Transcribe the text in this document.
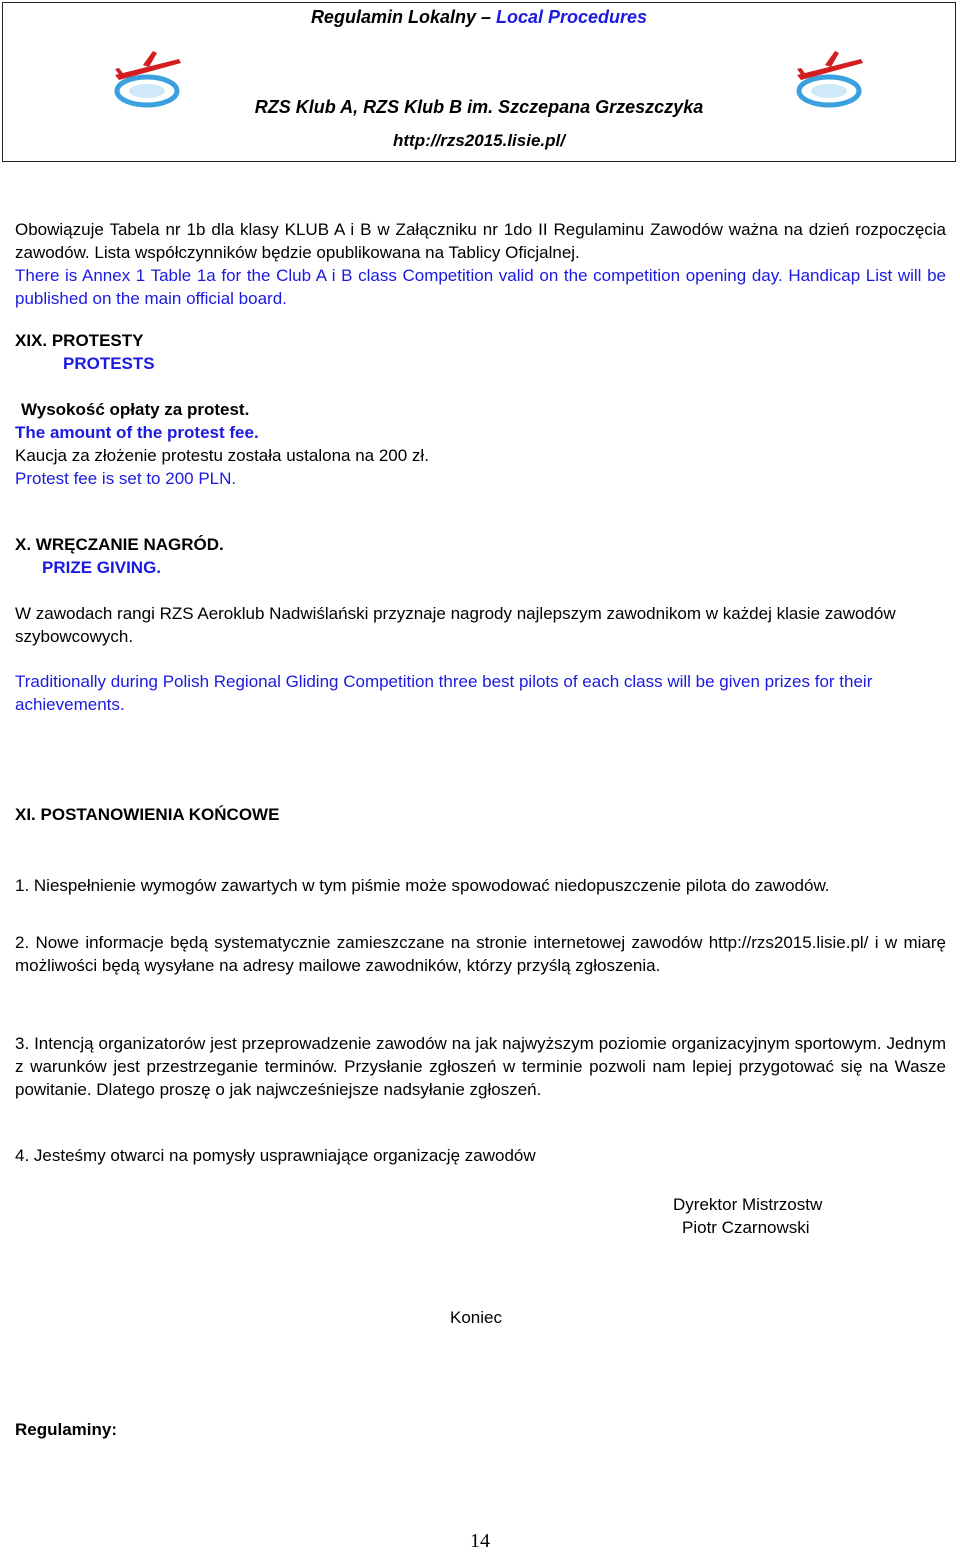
Regulamin Lokalny – Local Procedures
RZS Klub A, RZS Klub B im. Szczepana Grzeszczyka
http://rzs2015.lisie.pl/

Obowiązuje Tabela nr 1b dla klasy KLUB A i B w Załączniku nr 1do II Regulaminu Zawodów ważna na dzień rozpoczęcia zawodów. Lista współczynników będzie opublikowana na Tablicy Oficjalnej.

There is Annex 1 Table 1a for the Club A i B class Competition valid on the competition opening day. Handicap List will be published on the main official board.

XIX. PROTESTY
PROTESTS
Wysokość opłaty za protest.
The amount of the protest fee.
Kaucja za złożenie protestu została ustalona na 200 zł.
Protest fee is set to 200 PLN.
X. WRĘCZANIE NAGRÓD.
PRIZE GIVING.

W zawodach rangi RZS Aeroklub Nadwiślański przyznaje nagrody najlepszym zawodnikom w każdej klasie zawodów szybowcowych.

Traditionally during Polish Regional Gliding Competition three best pilots of each class will be given prizes for their achievements.

XI. POSTANOWIENIA KOŃCOWE

1. Niespełnienie wymogów zawartych w tym piśmie może spowodować niedopuszczenie pilota do zawodów.

2. Nowe informacje będą systematycznie zamieszczane na stronie internetowej zawodów http://rzs2015.lisie.pl/ i w miarę możliwości będą wysyłane na adresy mailowe zawodników, którzy przyślą zgłoszenia.

3. Intencją organizatorów jest przeprowadzenie zawodów na jak najwyższym poziomie organizacyjnym sportowym. Jednym z warunków jest przestrzeganie terminów. Przysłanie zgłoszeń w terminie pozwoli nam lepiej przygotować się na Wasze powitanie. Dlatego proszę o jak najwcześniejsze nadsyłanie zgłoszeń.

4. Jesteśmy otwarci na pomysły usprawniające organizację zawodów
Dyrektor Mistrzostw
Piotr Czarnowski
Koniec
Regulaminy:
14
